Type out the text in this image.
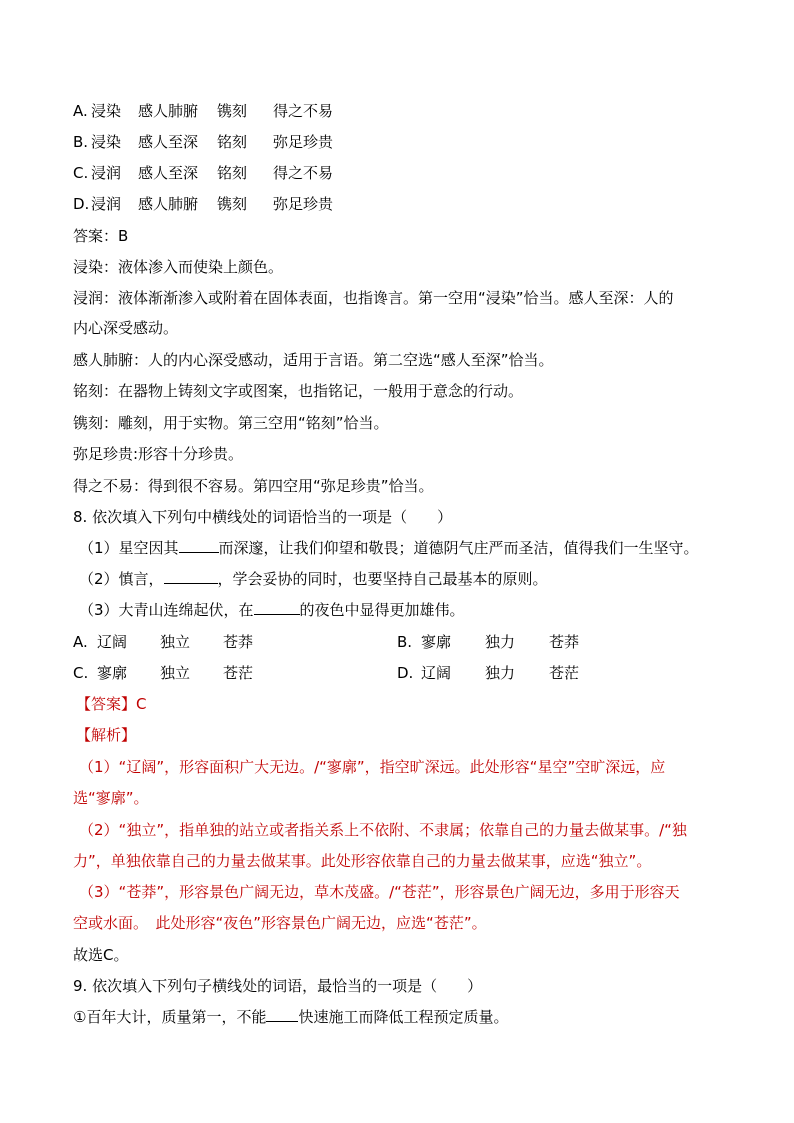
A. 浸染 感人肺腑 镌刻 得之不易
B. 浸染 感人至深 铭刻 弥足珍贵
C. 浸润 感人至深 铭刻 得之不易
D. 浸润 感人肺腑 镌刻 弥足珍贵
答案：B
浸染：液体渗入而使染上颜色。
浸润：液体渐渐渗入或附着在固体表面，也指谗言。第一空用“浸染”恰当。感人至深：人的
内心深受感动。
感人肺腑：人的内心深受感动，适用于言语。第二空选“感人至深”恰当。
铭刻：在器物上铸刻文字或图案，也指铭记，一般用于意念的行动。
镌刻：雕刻，用于实物。第三空用“铭刻”恰当。
弥足珍贵:形容十分珍贵。
得之不易：得到很不容易。第四空用“弥足珍贵”恰当。
8. 依次填入下列句中横线处的词语恰当的一项是（　　）
（1）星空因其	而深邃，让我们仰望和敬畏；道德阴气庄严而圣洁，值得我们一生坚守。
（2）慎言，	，学会妥协的同时，也要坚持自己最基本的原则。
（3）大青山连绵起伏，在	的夜色中显得更加雄伟。
A. 辽阔 独立 苍莽	B. 寥廓 独力 苍莽
C. 寥廓 独立 苍茫	D. 辽阔 独力 苍茫
【答案】C
【解析】
（1）“辽阔”，形容面积广大无边。/“寥廓”，指空旷深远。此处形容“星空”空旷深远，应
选“寥廓”。
（2）“独立”，指单独的站立或者指关系上不依附、不隶属；依靠自己的力量去做某事。/“独
力”，单独依靠自己的力量去做某事。此处形容依靠自己的力量去做某事，应选“独立”。
（3）“苍莽”，形容景色广阔无边，草木茂盛。/“苍茫”，形容景色广阔无边，多用于形容天
空或水面。　此处形容“夜色”形容景色广阔无边，应选“苍茫”。
故选C。
9. 依次填入下列句子横线处的词语，最恰当的一项是（　　）
①百年大计，质量第一，不能 快速施工而降低工程预定质量。
